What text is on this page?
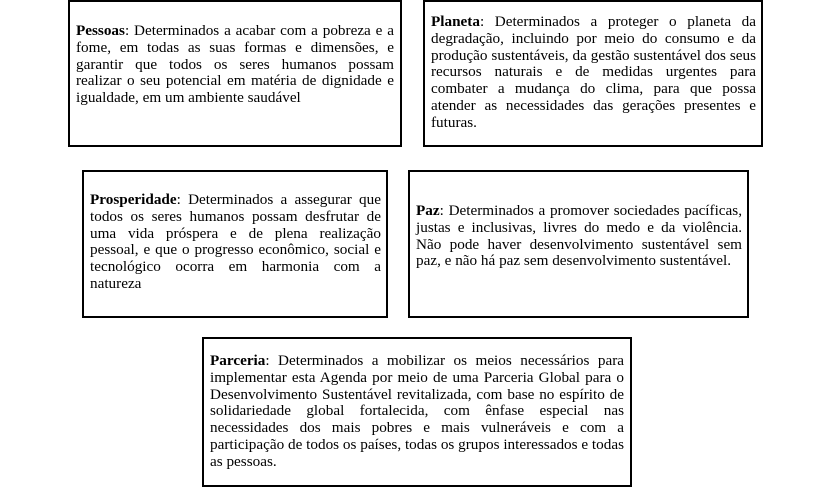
Pessoas: Determinados a acabar com a pobreza e a fome, em todas as suas formas e dimensões, e garantir que todos os seres humanos possam realizar o seu potencial em matéria de dignidade e igualdade, em um ambiente saudável

Planeta: Determinados a proteger o planeta da degradação, incluindo por meio do consumo e da produção sustentáveis, da gestão sustentável dos seus recursos naturais e de medidas urgentes para combater a mudança do clima, para que possa atender as necessidades das gerações presentes e futuras.

Prosperidade: Determinados a assegurar que todos os seres humanos possam desfrutar de uma vida próspera e de plena realização pessoal, e que o progresso econômico, social e tecnológico ocorra em harmonia com a natureza

Paz: Determinados a promover sociedades pacíficas, justas e inclusivas, livres do medo e da violência. Não pode haver desenvolvimento sustentável sem paz, e não há paz sem desenvolvimento sustentável.

Parceria: Determinados a mobilizar os meios necessários para implementar esta Agenda por meio de uma Parceria Global para o Desenvolvimento Sustentável revitalizada, com base no espírito de solidariedade global fortalecida, com ênfase especial nas necessidades dos mais pobres e mais vulneráveis e com a participação de todos os países, todas os grupos interessados e todas as pessoas.
